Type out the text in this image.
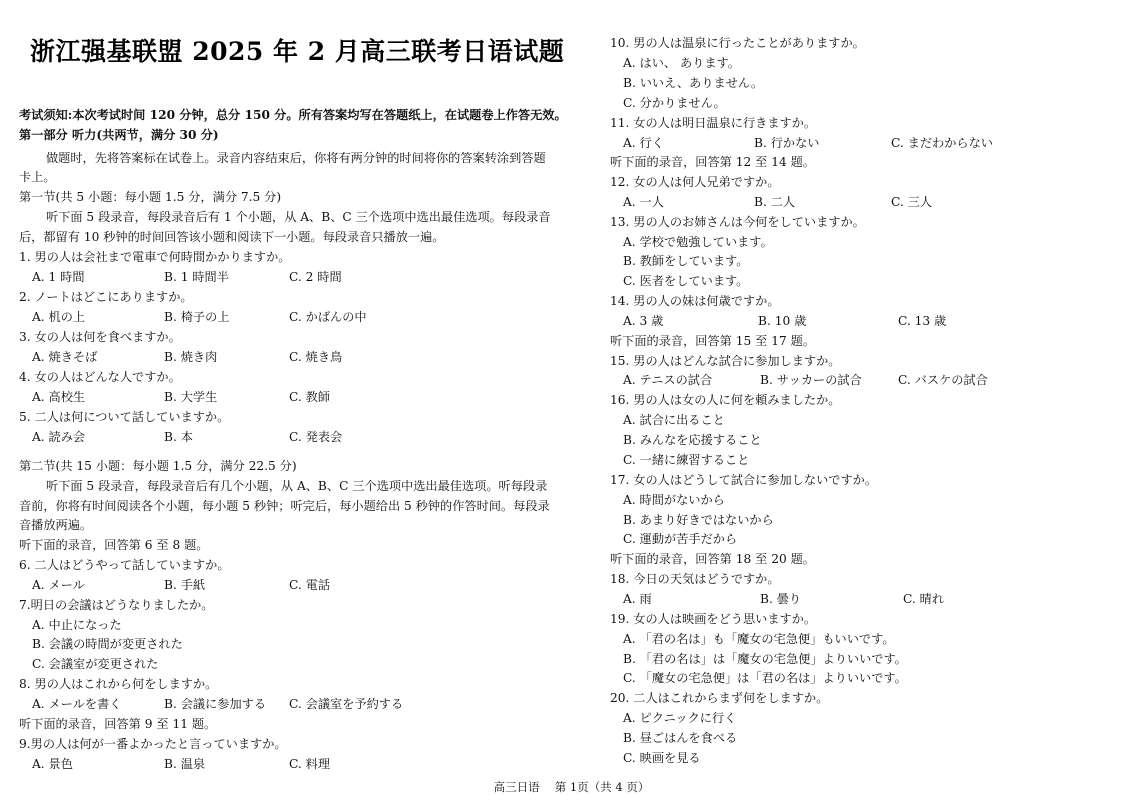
浙江强基联盟 2025 年 2 月高三联考日语试题
考试须知:本次考试时间 120 分钟，总分 150 分。所有答案均写在答题纸上，在试题卷上作答无效。
第一部分 听力(共两节，满分 30 分)
做题时，先将答案标在试卷上。录音内容结束后，你将有两分钟的时间将你的答案转涂到答题
卡上。
第一节(共 5 小题：每小题 1.5 分，满分 7.5 分)
听下面 5 段录音，每段录音后有 1 个小题，从 A、B、C 三个选项中选出最佳选项。每段录音
后，都留有 10 秒钟的时间回答该小题和阅读下一小题。每段录音只播放一遍。
1. 男の人は会社まで電車で何時間かかりますか。
A. 1 時間	B. 1 時間半	C. 2 時間
2. ノートはどこにありますか。
A. 机の上	B. 椅子の上	C. かばんの中
3. 女の人は何を食べますか。
A. 焼きそば	B. 焼き肉	C. 焼き鳥
4. 女の人はどんな人ですか。
A. 高校生	B. 大学生	C. 教師
5. 二人は何について話していますか。
A. 読み会	B. 本	C. 発表会
第二节(共 15 小题：每小题 1.5 分，满分 22.5 分)
听下面 5 段录音，每段录音后有几个小题，从 A、B、C 三个选项中选出最佳选项。听每段录
音前，你将有时间阅读各个小题，每小题 5 秒钟；听完后，每小题给出 5 秒钟的作答时间。每段录
音播放两遍。
听下面的录音，回答第 6 至 8 题。
6. 二人はどうやって話していますか。
A. メール	B. 手紙	C. 電話
7.明日の会議はどうなりましたか。
A. 中止になった
B. 会議の時間が変更された
C. 会議室が変更された
8. 男の人はこれから何をしますか。
A. メールを書く	B. 会議に参加する C. 会議室を予約する
听下面的录音，回答第 9 至 11 题。
9.男の人は何が一番よかったと言っていますか。
A. 景色	B. 温泉	C. 料理
10. 男の人は温泉に行ったことがありますか。
A. はい、 あります。
B. いいえ、ありません。
C. 分かりません。
11. 女の人は明日温泉に行きますか。
A. 行く	B. 行かない	C. まだわからない
听下面的录音，回答第 12 至 14 题。
12. 女の人は何人兄弟ですか。
A. 一人	B. 二人	C. 三人
13. 男の人のお姉さんは今何をしていますか。
A. 学校で勉強しています。
B. 教師をしています。
C. 医者をしています。
14. 男の人の妹は何歳ですか。
A. 3 歳	B. 10 歳	C. 13 歳
听下面的录音，回答第 15 至 17 题。
15. 男の人はどんな試合に参加しますか。
A. テニスの試合	B. サッカーの試合	C. バスケの試合
16. 男の人は女の人に何を頼みましたか。
A. 試合に出ること
B. みんなを応援すること
C. 一緒に練習すること
17. 女の人はどうして試合に参加しないですか。
A. 時間がないから
B. あまり好きではないから
C. 運動が苦手だから
听下面的录音，回答第 18 至 20 题。
18. 今日の天気はどうですか。
A. 雨	B. 曇り	C. 晴れ
19. 女の人は映画をどう思いますか。
A. 「君の名は」も「魔女の宅急便」もいいです。
B. 「君の名は」は「魔女の宅急便」よりいいです。
C. 「魔女の宅急便」は「君の名は」よりいいです。
20. 二人はこれからまず何をしますか。
A. ピクニックに行く
B. 昼ごはんを食べる
C. 映画を見る
高三日语　 第 1页（共 4 页）
